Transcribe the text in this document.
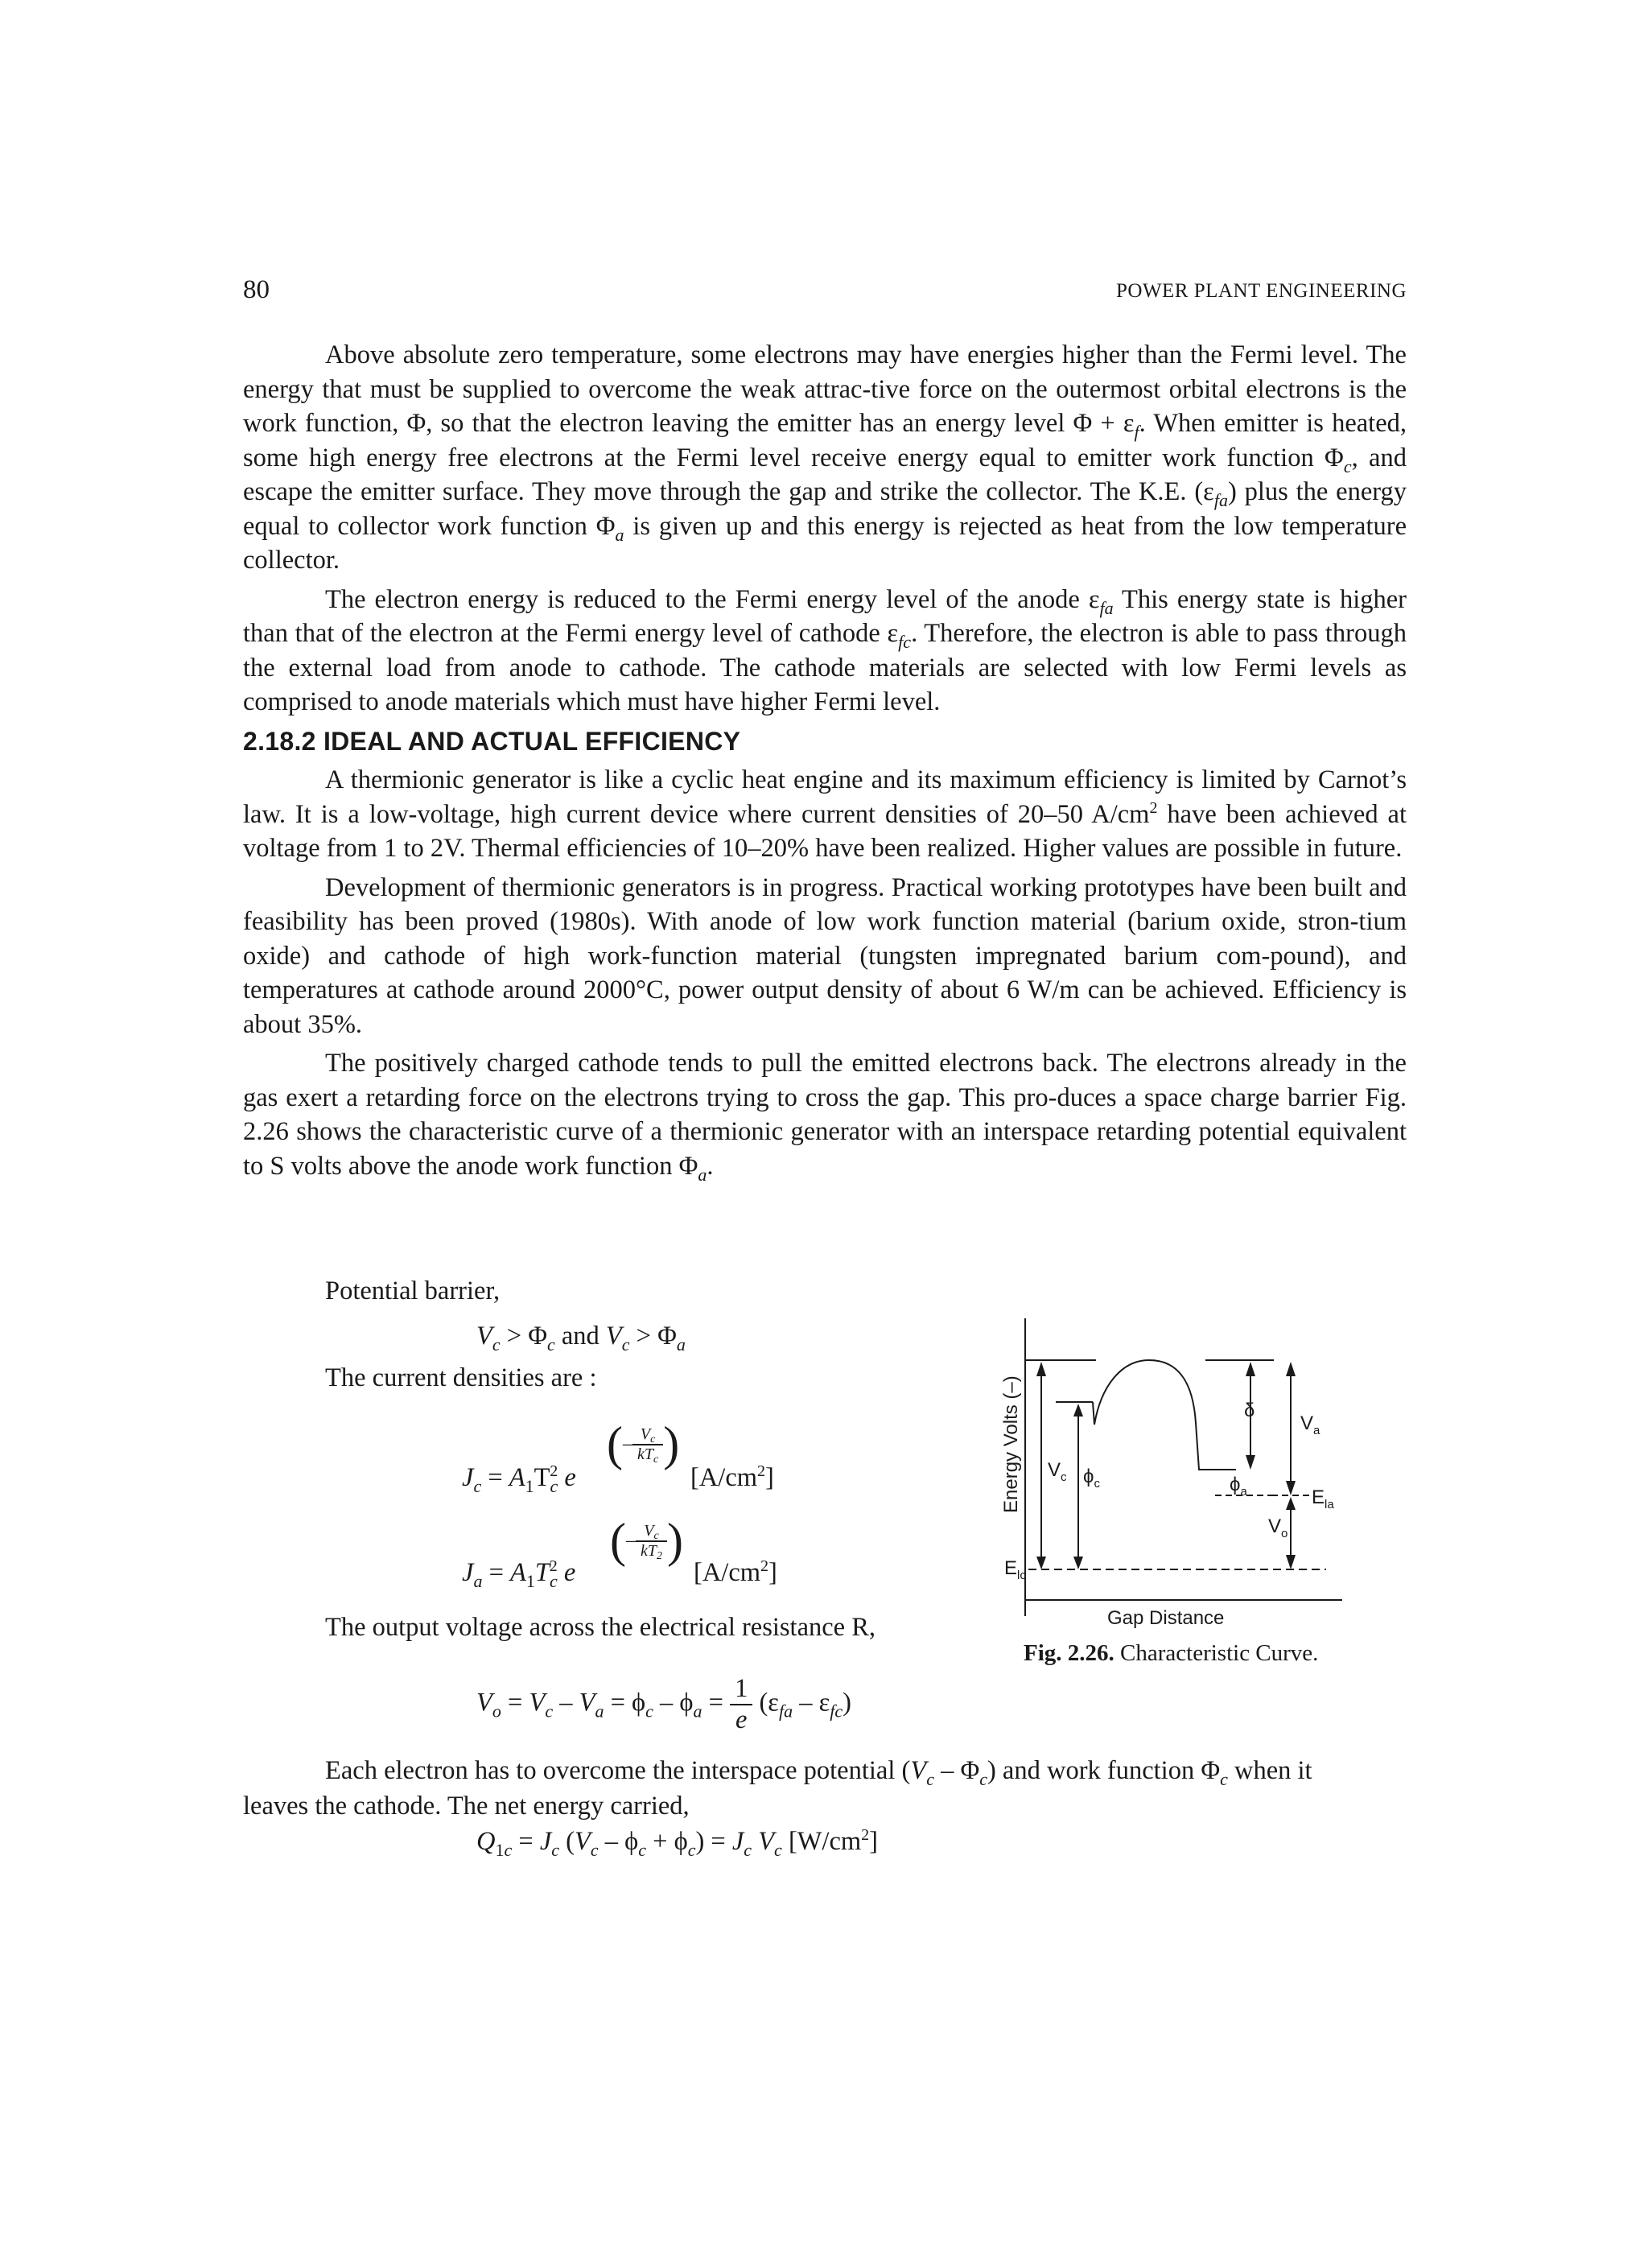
80	POWER PLANT ENGINEERING

Above absolute zero temperature, some electrons may have energies higher than the Fermi level. The energy that must be supplied to overcome the weak attrac-tive force on the outermost orbital electrons is the work function, Φ, so that the electron leaving the emitter has an energy level $\Phi + \varepsilon_f$. When emitter is heated, some high energy free electrons at the Fermi level receive energy equal to emitter work function $\Phi_c$, and escape the emitter surface. They move through the gap and strike the collector. The K.E. $(\varepsilon_{fa})$ plus the energy equal to collector work function $\Phi_a$ is given up and this energy is rejected as heat from the low temperature collector.

The electron energy is reduced to the Fermi energy level of the anode $\varepsilon_{fa}$ This energy state is higher than that of the electron at the Fermi energy level of cathode $\varepsilon_{fc}$. Therefore, the electron is able to pass through the external load from anode to cathode. The cathode materials are selected with low Fermi levels as comprised to anode materials which must have higher Fermi level.

2.18.2 IDEAL AND ACTUAL EFFICIENCY

A thermionic generator is like a cyclic heat engine and its maximum efficiency is limited by Carnot’s law. It is a low-voltage, high current device where current densities of 20–50 $A/cm^2$ have been achieved at voltage from 1 to 2V. Thermal efficiencies of 10–20% have been realized. Higher values are possible in future.

Development of thermionic generators is in progress. Practical working prototypes have been built and feasibility has been proved (1980s). With anode of low work function material (barium oxide, stron-tium oxide) and cathode of high work-function material (tungsten impregnated barium com-pound), and temperatures at cathode around 2000°C, power output density of about 6 W/m can be achieved. Efficiency is about 35%.

The positively charged cathode tends to pull the emitted electrons back. The electrons already in the gas exert a retarding force on the electrons trying to cross the gap. This pro-duces a space charge barrier Fig. 2.26 shows the characteristic curve of a thermionic generator with an interspace retarding potential equivalent to S volts above the anode work function $\Phi_a$.

Potential barrier,
$V_c > \Phi_c$ and $V_c > \Phi_a$
The current densities are :
$J_c = A_1T_c^2$ e
(– $\frac{V_c}{kT_c}$ )
$[A/cm^2]$
$J_a = A_1T_c^2$ e
(– $\frac{V_c}{kT_2}$ )
$[A/cm^2]$
The output voltage across the electrical resistance R,
$V_o = V_c - V_a = \phi_c - \phi_a = \frac{1}{e} (\varepsilon_{fa} - \varepsilon_{fc})$
Each electron has to overcome the interspace potential $(V_c - \Phi_c)$ and work function $\Phi_c$ when it
leaves the cathode. The net energy carried,
$Q_{1c} = J_c$ $(V_c - \phi_c + \phi_c) = J_c$ $V_c$ $[W/cm^2]$
Energy Volts (–)
Gap Distance
δ
$V_a$
$V_c$ $\phi_c$	$\phi_a$	$E_{la}$
$V_o$
$E_{lc}$
Fig. 2.26. Characteristic Curve.
